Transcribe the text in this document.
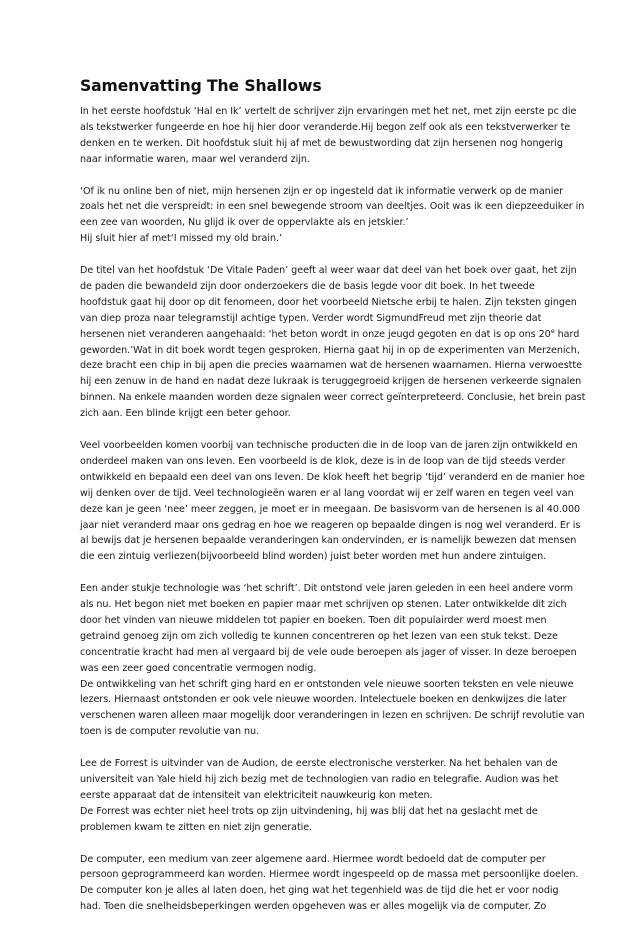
Samenvatting The Shallows
In het eerste hoofdstuk ‘Hal en Ik’ vertelt de schrijver zijn ervaringen met het net, met zijn eerste pc die
als tekstwerker fungeerde en hoe hij hier door veranderde.Hij begon zelf ook als een tekstverwerker te
denken en te werken. Dit hoofdstuk sluit hij af met de bewustwording dat zijn hersenen nog hongerig
naar informatie waren, maar wel veranderd zijn.
‘Of ik nu online ben of niet, mijn hersenen zijn er op ingesteld dat ik informatie verwerk op de manier
zoals het net die verspreidt: in een snel bewegende stroom van deeltjes. Ooit was ik een diepzeeduiker in
een zee van woorden, Nu glijd ik over de oppervlakte als en jetskier.’
Hij sluit hier af met‘I missed my old brain.’
De titel van het hoofdstuk ‘De Vitale Paden’ geeft al weer waar dat deel van het boek over gaat, het zijn
de paden die bewandeld zijn door onderzoekers die de basis legde voor dit boek. In het tweede
hoofdstuk gaat hij door op dit fenomeen, door het voorbeeld Nietsche erbij te halen. Zijn teksten gingen
van diep proza naar telegramstijl achtige typen. Verder wordt SigmundFreud met zijn theorie dat
hersenen niet veranderen aangehaald: ‘het beton wordt in onze jeugd gegoten en dat is op ons 20e hard
geworden.’Wat in dit boek wordt tegen gesproken. Hierna gaat hij in op de experimenten van Merzenich,
deze bracht een chip in bij apen die precies waarnamen wat de hersenen waarnamen. Hierna verwoestte
hij een zenuw in de hand en nadat deze lukraak is teruggegroeid krijgen de hersenen verkeerde signalen
binnen. Na enkele maanden worden deze signalen weer correct geïnterpreteerd. Conclusie, het brein past
zich aan. Een blinde krijgt een beter gehoor.
Veel voorbeelden komen voorbij van technische producten die in de loop van de jaren zijn ontwikkeld en
onderdeel maken van ons leven. Een voorbeeld is de klok, deze is in de loop van de tijd steeds verder
ontwikkeld en bepaald een deel van ons leven. De klok heeft het begrip ‘tijd’ veranderd en de manier hoe
wij denken over de tijd. Veel technologieën waren er al lang voordat wij er zelf waren en tegen veel van
deze kan je geen ‘nee’ meer zeggen, je moet er in meegaan. De basisvorm van de hersenen is al 40.000
jaar niet veranderd maar ons gedrag en hoe we reageren op bepaalde dingen is nog wel veranderd. Er is
al bewijs dat je hersenen bepaalde veranderingen kan ondervinden, er is namelijk bewezen dat mensen
die een zintuig verliezen(bijvoorbeeld blind worden) juist beter worden met hun andere zintuigen.
Een ander stukje technologie was ‘het schrift’. Dit ontstond vele jaren geleden in een heel andere vorm
als nu. Het begon niet met boeken en papier maar met schrijven op stenen. Later ontwikkelde dit zich
door het vinden van nieuwe middelen tot papier en boeken. Toen dit populairder werd moest men
getraind genoeg zijn om zich volledig te kunnen concentreren op het lezen van een stuk tekst. Deze
concentratie kracht had men al vergaard bij de vele oude beroepen als jager of visser. In deze beroepen
was een zeer goed concentratie vermogen nodig.
De ontwikkeling van het schrift ging hard en er ontstonden vele nieuwe soorten teksten en vele nieuwe
lezers. Hiernaast ontstonden er ook vele nieuwe woorden. Intelectuele boeken en denkwijzes die later
verschenen waren alleen maar mogelijk door veranderingen in lezen en schrijven. De schrijf revolutie van
toen is de computer revolutie van nu.
Lee de Forrest is uitvinder van de Audion, de eerste electronische versterker. Na het behalen van de
universiteit van Yale hield hij zich bezig met de technologien van radio en telegrafie. Audion was het
eerste apparaat dat de intensiteit van elektriciteit nauwkeurig kon meten.
De Forrest was echter niet heel trots op zijn uitvindening, hij was blij dat het na geslacht met de
problemen kwam te zitten en niet zijn generatie.
De computer, een medium van zeer algemene aard. Hiermee wordt bedoeld dat de computer per
persoon geprogrammeerd kan worden. Hiermee wordt ingespeeld op de massa met persoonlijke doelen.
De computer kon je alles al laten doen, het ging wat het tegenhield was de tijd die het er voor nodig
had. Toen die snelheidsbeperkingen werden opgeheven was er alles mogelijk via de computer. Zo
